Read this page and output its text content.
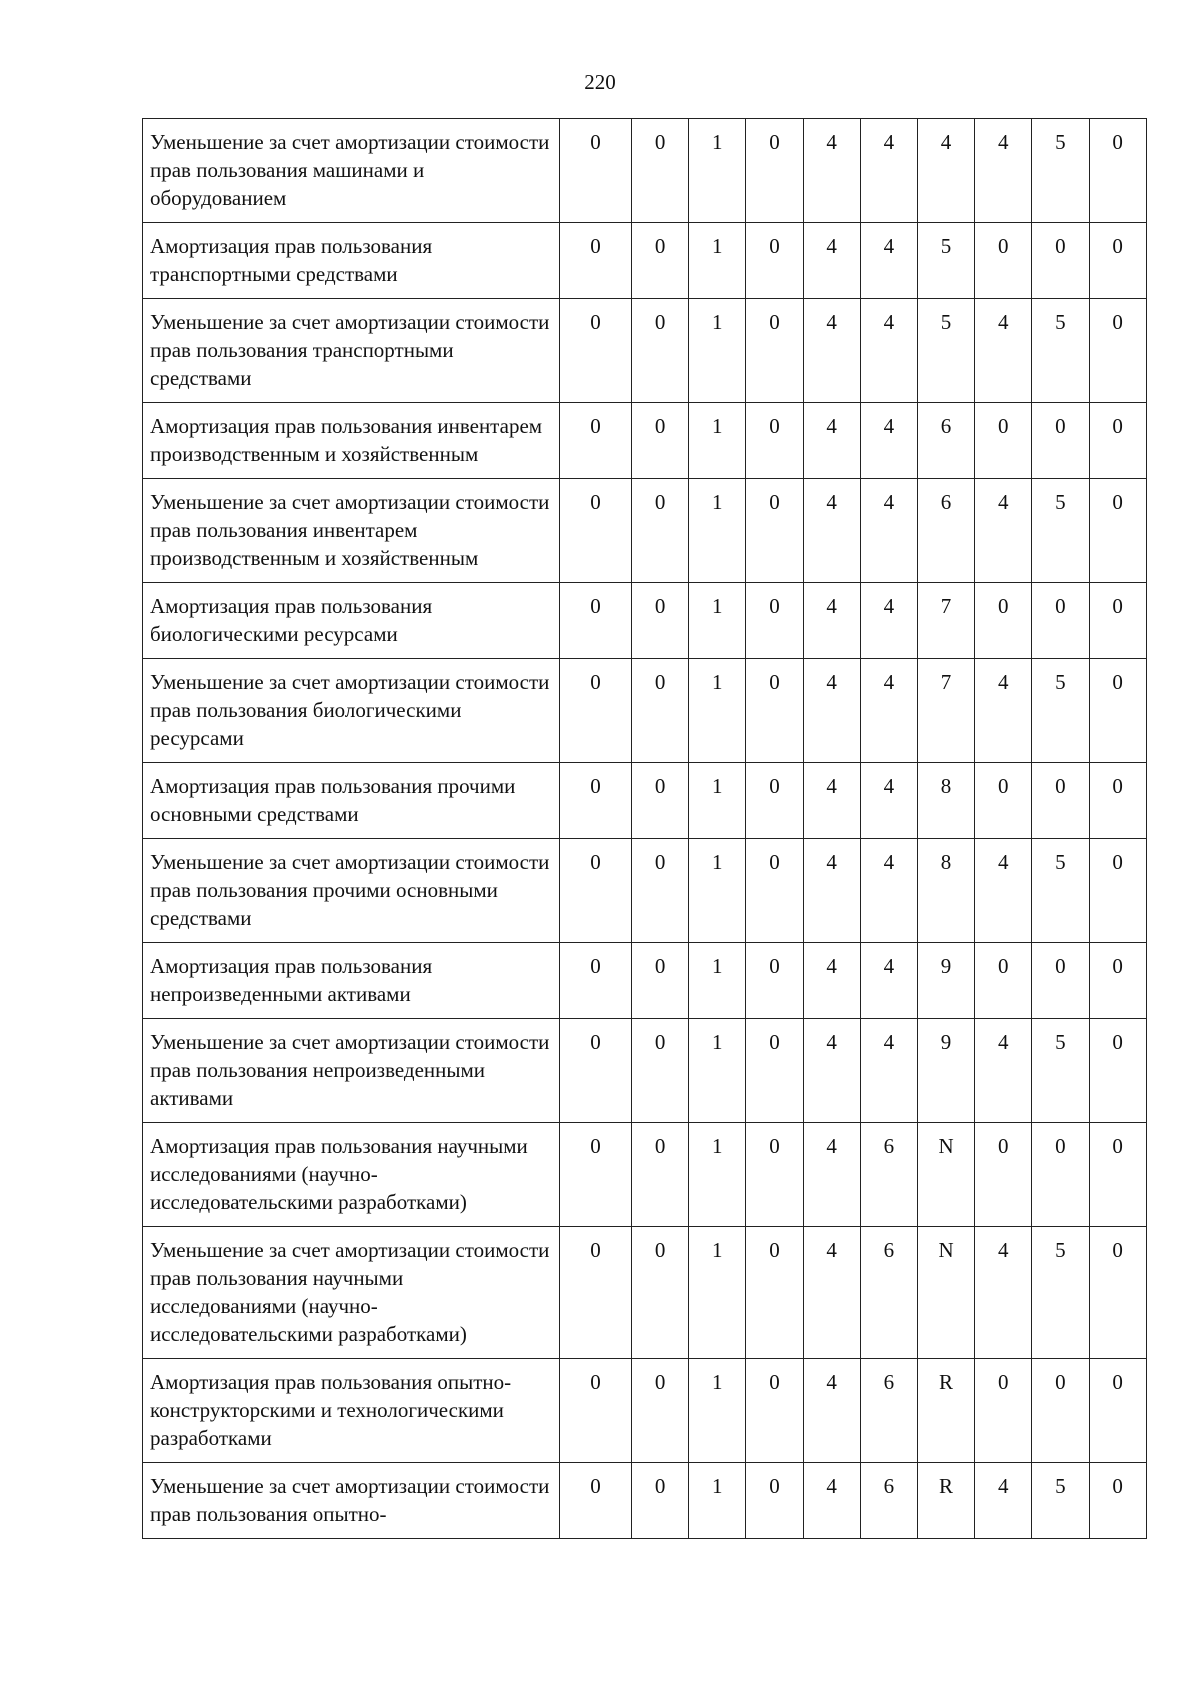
220
Уменьшение за счет амортизации стоимости прав пользования машинами и оборудованием	0	0	1	0	4	4	4	4	5	0
Амортизация прав пользования транспортными средствами	0	0	1	0	4	4	5	0	0	0
Уменьшение за счет амортизации стоимости прав пользования транспортными средствами	0	0	1	0	4	4	5	4	5	0
Амортизация прав пользования инвентарем производственным и хозяйственным	0	0	1	0	4	4	6	0	0	0
Уменьшение за счет амортизации стоимости прав пользования инвентарем производственным и хозяйственным	0	0	1	0	4	4	6	4	5	0
Амортизация прав пользования биологическими ресурсами	0	0	1	0	4	4	7	0	0	0
Уменьшение за счет амортизации стоимости прав пользования биологическими ресурсами	0	0	1	0	4	4	7	4	5	0
Амортизация прав пользования прочими основными средствами	0	0	1	0	4	4	8	0	0	0
Уменьшение за счет амортизации стоимости прав пользования прочими основными средствами	0	0	1	0	4	4	8	4	5	0
Амортизация прав пользования непроизведенными активами	0	0	1	0	4	4	9	0	0	0
Уменьшение за счет амортизации стоимости прав пользования непроизведенными активами	0	0	1	0	4	4	9	4	5	0
Амортизация прав пользования научными исследованиями (научно-исследовательскими разработками)	0	0	1	0	4	6	N	0	0	0
Уменьшение за счет амортизации стоимости прав пользования научными исследованиями (научно-исследовательскими разработками)	0	0	1	0	4	6	N	4	5	0
Амортизация прав пользования опытно-конструкторскими и технологическими разработками	0	0	1	0	4	6	R	0	0	0
Уменьшение за счет амортизации стоимости прав пользования опытно-	0	0	1	0	4	6	R	4	5	0
